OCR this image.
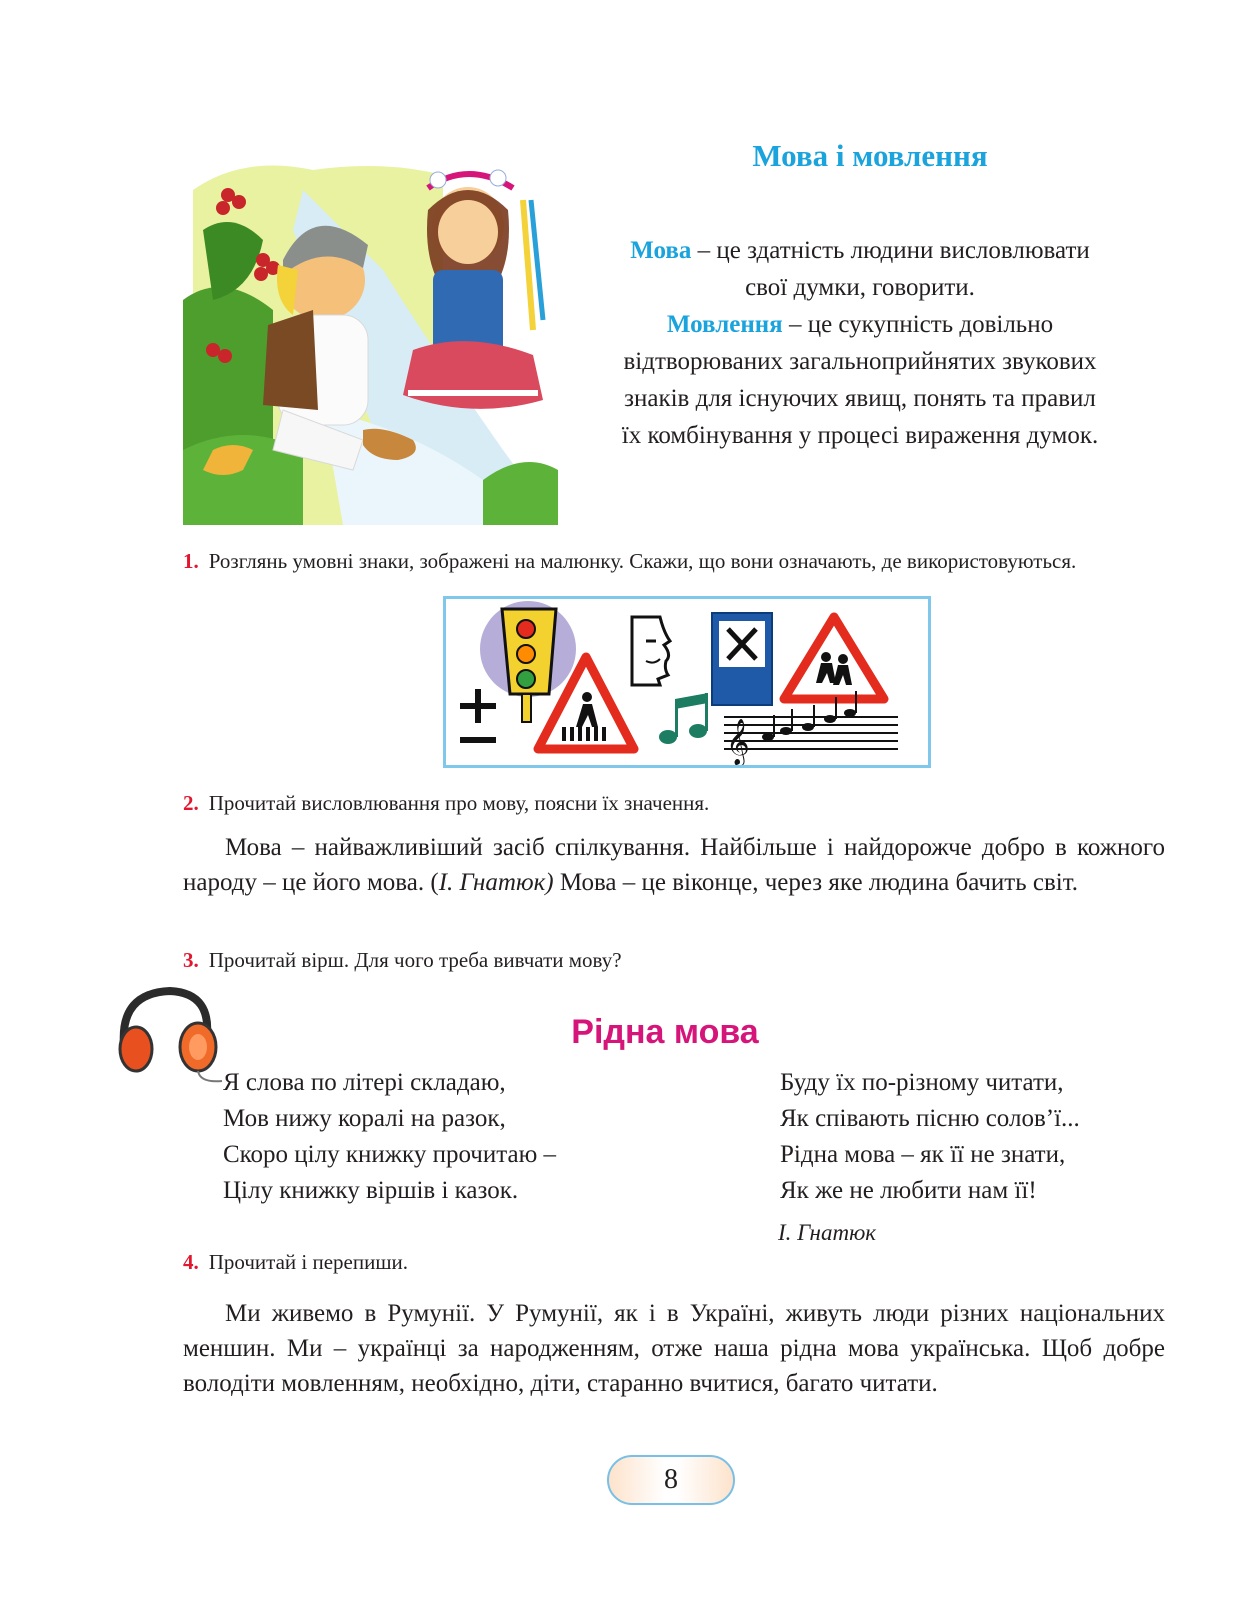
Мова і мовлення
Мова – це здатність людини висловлювати
свої думки, говорити.
Мовлення – це сукупність довільно
відтворюваних загальноприйнятих звукових
знаків для існуючих явищ, понять та правил
їх комбінування у процесі вираження думок.
1. Розглянь умовні знаки, зображені на малюнку. Скажи, що вони означають, де використовуються.
𝄞
2. Прочитай висловлювання про мову, поясни їх значення.
Мова – найважливіший засіб спілкування. Найбільше і найдорожче добро в кожного народу – це його мова. (І. Гнатюк) Мова – це віконце, через яке людина бачить світ.
3. Прочитай вірш. Для чого треба вивчати мову?
Рідна мова
Я слова по літері складаю,
Мов нижу коралі на разок,
Скоро цілу книжку прочитаю –
Цілу книжку віршів і казок.
Буду їх по-різному читати,
Як співають пісню солов’ї...
Рідна мова – як її не знати,
Як же не любити нам її!
І. Гнатюк
4. Прочитай і перепиши.
Ми живемо в Румунії. У Румунії, як і в Україні, живуть люди різних національних меншин. Ми – українці за народженням, отже наша рідна мова українська. Щоб добре володіти мовленням, необхідно, діти, старанно вчитися, багато читати.
8
